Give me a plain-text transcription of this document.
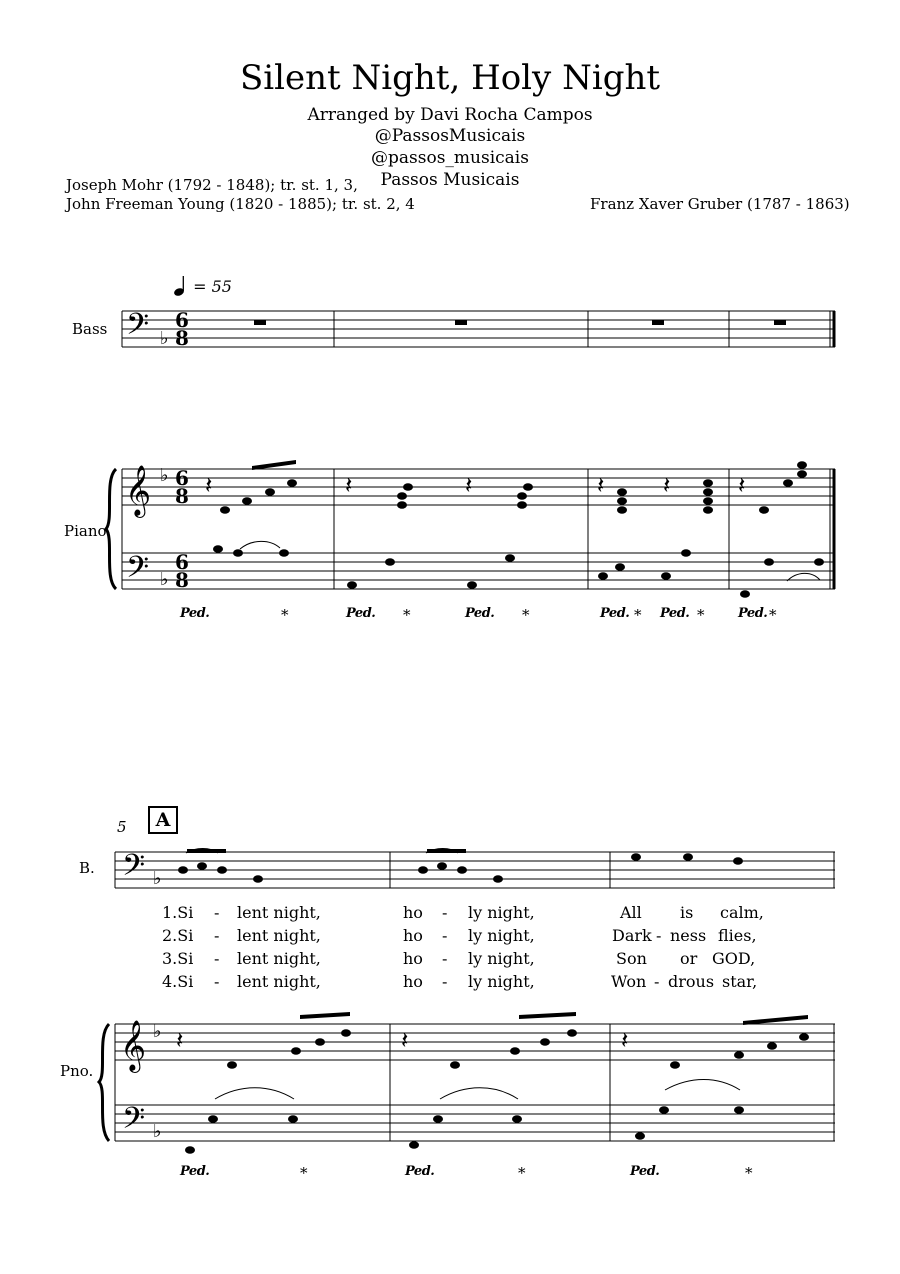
Silent Night, Holy Night
Arranged by Davi Rocha Campos
@PassosMusicais
@passos_musicais
Passos Musicais
Joseph Mohr (1792 - 1848); tr. st. 1, 3,
John Freeman Young (1820 - 1885); tr. st. 2, 4	Franz Xaver Gruber (1787 - 1863)
= 55
Bass
Piano
B.
Pno.
5	A
𝄢
𝄢
𝄢
𝄢
𝄞
𝄞
♭
♭
♭
♭
♭
♭
6
8
6
8
6
8
𝄽	𝄽	𝄽	𝄽 𝄽	𝄽
𝄽	𝄽	𝄽
Ped.	*	Ped. *	Ped. *	Ped. * Ped. *	Ped. *
Ped.	*	Ped.	*	Ped.	*
1.Si - lent night,	ho - ly night,	All is calm,
2.Si - lent night,	ho - ly night,	Dark - ness flies,
3.Si - lent night,	ho - ly night,	Son or GOD,
4.Si - lent night,	ho - ly night,	Won - drous star,
